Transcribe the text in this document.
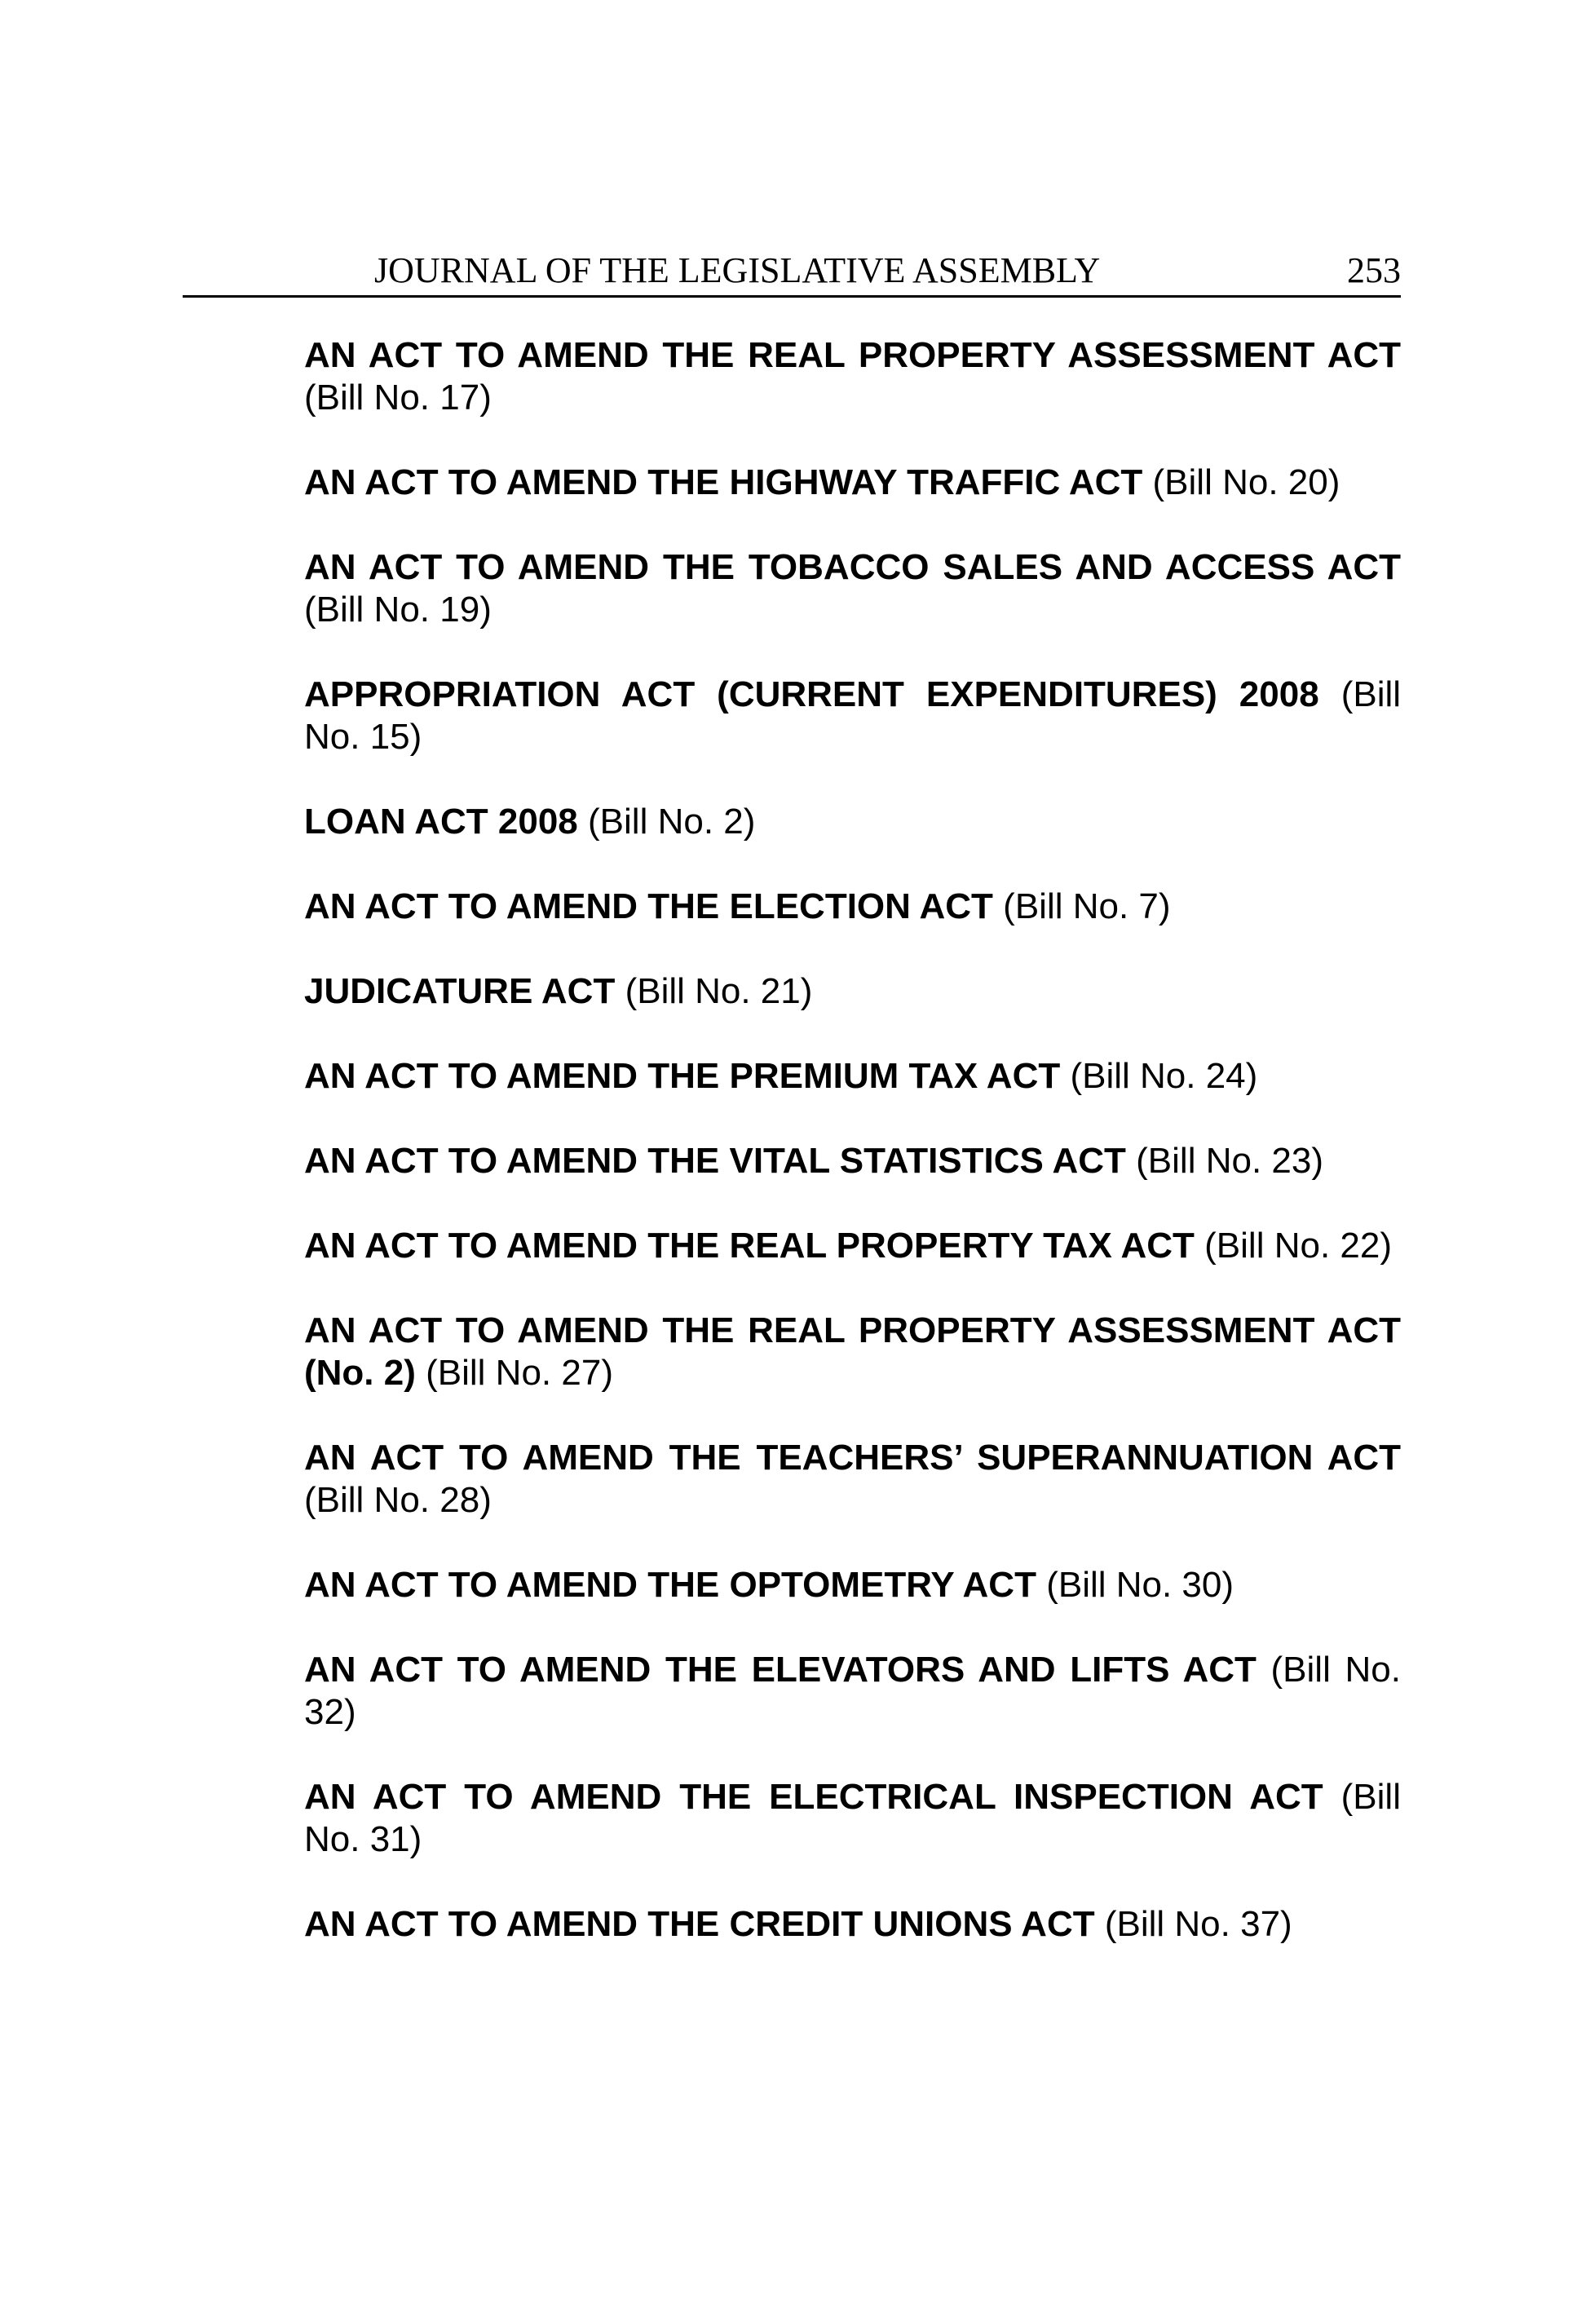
JOURNAL OF THE LEGISLATIVE ASSEMBLY	253
AN ACT TO AMEND THE REAL PROPERTY ASSESSMENT ACT (Bill No. 17)
AN ACT TO AMEND THE HIGHWAY TRAFFIC ACT (Bill No. 20)
AN ACT TO AMEND THE TOBACCO SALES AND ACCESS ACT (Bill No. 19)
APPROPRIATION ACT (CURRENT EXPENDITURES) 2008 (Bill No. 15)
LOAN ACT 2008 (Bill No. 2)
AN ACT TO AMEND THE ELECTION ACT (Bill No. 7)
JUDICATURE ACT (Bill No. 21)
AN ACT TO AMEND THE PREMIUM TAX ACT (Bill No. 24)
AN ACT TO AMEND THE VITAL STATISTICS ACT (Bill No. 23)
AN ACT TO AMEND THE REAL PROPERTY TAX ACT (Bill No. 22)
AN ACT TO AMEND THE REAL PROPERTY ASSESSMENT ACT (No. 2) (Bill No. 27)
AN ACT TO AMEND THE TEACHERS’ SUPERANNUATION ACT (Bill No. 28)
AN ACT TO AMEND THE OPTOMETRY ACT (Bill No. 30)
AN ACT TO AMEND THE ELEVATORS AND LIFTS ACT (Bill No. 32)
AN ACT TO AMEND THE ELECTRICAL INSPECTION ACT (Bill No. 31)
AN ACT TO AMEND THE CREDIT UNIONS ACT (Bill No. 37)
